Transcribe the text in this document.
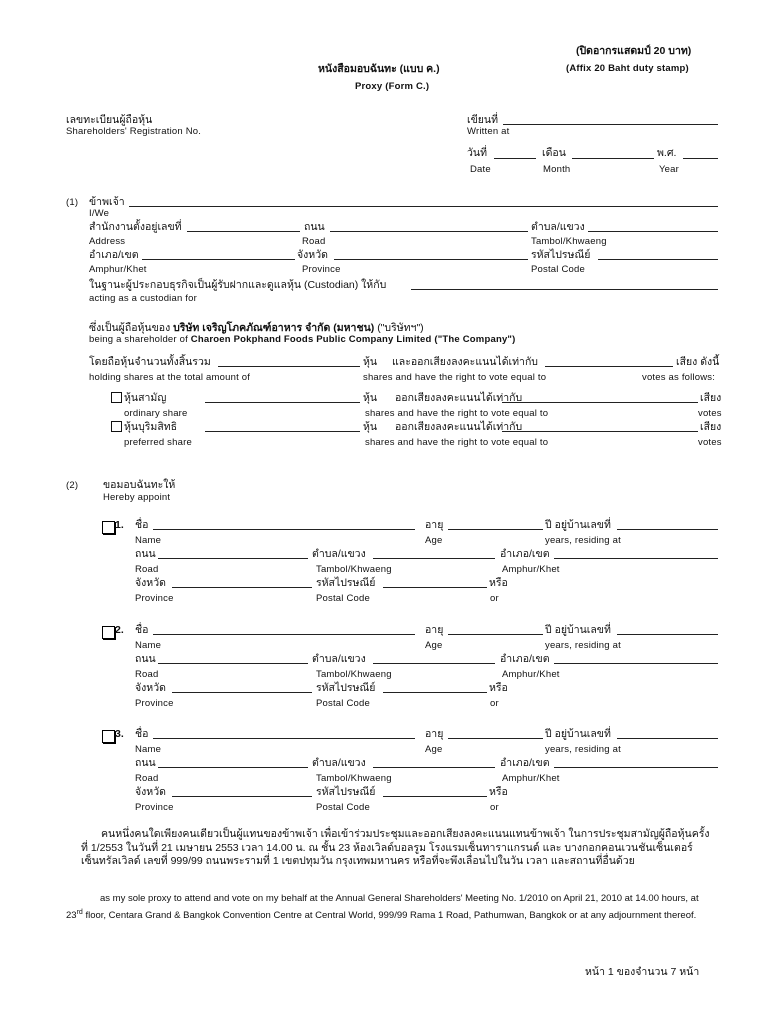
(ปิดอากรแสดมป์ 20 บาท)
(Affix 20 Baht duty stamp)
หนังสือมอบฉันทะ (แบบ ค.)
Proxy (Form C.)
เลขทะเบียนผู้ถือหุ้น
Shareholders' Registration No.
เขียนที่
Written at
วันที่	เดือน	พ.ศ.
Date	Month	Year
(1) ข้าพเจ้า
I/We
สำนักงานตั้งอยู่เลขที่	ถนน	ตำบล/แขวง
Address	Road	Tambol/Khwaeng
อำเภอ/เขต	จังหวัด	รหัสไปรษณีย์
Amphur/Khet	Province	Postal Code
ในฐานะผู้ประกอบธุรกิจเป็นผู้รับฝากและดูแลหุ้น (Custodian) ให้กับ
acting as a custodian for
ซึ่งเป็นผู้ถือหุ้นของ บริษัท เจริญโภคภัณฑ์อาหาร จำกัด (มหาชน) ("บริษัทฯ")
being a shareholder of Charoen Pokphand Foods Public Company Limited ("The Company")
โดยถือหุ้นจำนวนทั้งสิ้นรวม	หุ้น และออกเสียงลงคะแนนได้เท่ากับ	เสียง ดังนี้
holding shares at the total amount of	shares and have the right to vote equal to	votes as follows:
หุ้นสามัญ	หุ้น ออกเสียงลงคะแนนได้เท่ากับ	เสียง
ordinary share	shares and have the right to vote equal to	votes
หุ้นบุริมสิทธิ	หุ้น ออกเสียงลงคะแนนได้เท่ากับ	เสียง
preferred share	shares and have the right to vote equal to	votes
(2) ขอมอบฉันทะให้
Hereby appoint
1. ชื่อ	อายุ	ปี อยู่บ้านเลขที่
Name	Age	years, residing at
ถนน	ตำบล/แขวง	อำเภอ/เขต
Road	Tambol/Khwaeng	Amphur/Khet
จังหวัด	รหัสไปรษณีย์	หรือ
Province	Postal Code	or
2. ชื่อ	อายุ	ปี อยู่บ้านเลขที่
Name	Age	years, residing at
ถนน	ตำบล/แขวง	อำเภอ/เขต
Road	Tambol/Khwaeng	Amphur/Khet
จังหวัด	รหัสไปรษณีย์	หรือ
Province	Postal Code	or
3. ชื่อ	อายุ	ปี อยู่บ้านเลขที่
Name	Age	years, residing at
ถนน	ตำบล/แขวง	อำเภอ/เขต
Road	Tambol/Khwaeng	Amphur/Khet
จังหวัด	รหัสไปรษณีย์	หรือ
Province	Postal Code	or
คนหนึ่งคนใดเพียงคนเดียวเป็นผู้แทนของข้าพเจ้า เพื่อเข้าร่วมประชุมและออกเสียงลงคะแนนแทนข้าพเจ้า ในการประชุมสามัญผู้ถือหุ้นครั้งที่ 1/2553 ในวันที่ 21 เมษายน 2553 เวลา 14.00 น. ณ ชั้น 23 ห้องเวิลด์บอลรูม โรงแรมเซ็นทาราแกรนด์ และ บางกอกคอนเวนชันเซ็นเตอร์ เซ็นทรัลเวิลด์ เลขที่ 999/99 ถนนพระรามที่ 1 เขตปทุมวัน กรุงเทพมหานคร หรือที่จะพึงเลื่อนไปในวัน เวลา และสถานที่อื่นด้วย
as my sole proxy to attend and vote on my behalf at the Annual General Shareholders' Meeting No. 1/2010 on April 21, 2010 at 14.00 hours, at 23rd floor, Centara Grand & Bangkok Convention Centre at Central World, 999/99 Rama 1 Road, Pathumwan, Bangkok or at any adjournment thereof.
หน้า 1 ของจำนวน 7 หน้า
